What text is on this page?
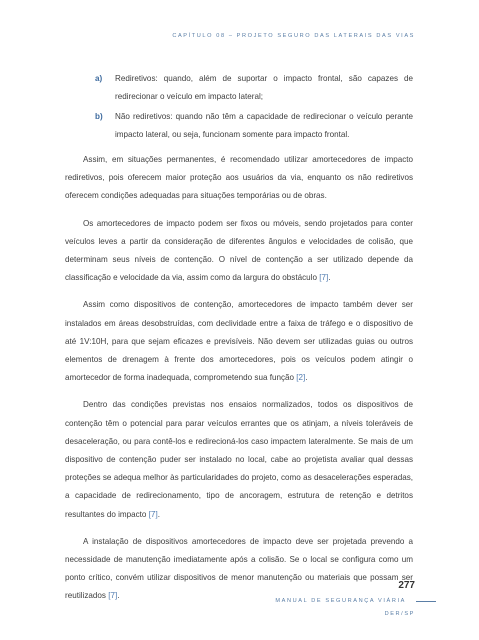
CAPÍTULO 08 – PROJETO SEGURO DAS LATERAIS DAS VIAS
a) Rediretivos: quando, além de suportar o impacto frontal, são capazes de redirecionar o veículo em impacto lateral;
b) Não rediretivos: quando não têm a capacidade de redirecionar o veículo perante impacto lateral, ou seja, funcionam somente para impacto frontal.

Assim, em situações permanentes, é recomendado utilizar amortecedores de impacto rediretivos, pois oferecem maior proteção aos usuários da via, enquanto os não rediretivos oferecem condições adequadas para situações temporárias ou de obras.

Os amortecedores de impacto podem ser fixos ou móveis, sendo projetados para conter veículos leves a partir da consideração de diferentes ângulos e velocidades de colisão, que determinam seus níveis de contenção. O nível de contenção a ser utilizado depende da classificação e velocidade da via, assim como da largura do obstáculo [7].

Assim como dispositivos de contenção, amortecedores de impacto também dever ser instalados em áreas desobstruídas, com declividade entre a faixa de tráfego e o dispositivo de até 1V:10H, para que sejam eficazes e previsíveis. Não devem ser utilizadas guias ou outros elementos de drenagem à frente dos amortecedores, pois os veículos podem atingir o amortecedor de forma inadequada, comprometendo sua função [2].

Dentro das condições previstas nos ensaios normalizados, todos os dispositivos de contenção têm o potencial para parar veículos errantes que os atinjam, a níveis toleráveis de desaceleração, ou para contê-los e redirecioná-los caso impactem lateralmente. Se mais de um dispositivo de contenção puder ser instalado no local, cabe ao projetista avaliar qual dessas proteções se adequa melhor às particularidades do projeto, como as desacelerações esperadas, a capacidade de redirecionamento, tipo de ancoragem, estrutura de retenção e detritos resultantes do impacto [7].

A instalação de dispositivos amortecedores de impacto deve ser projetada prevendo a necessidade de manutenção imediatamente após a colisão. Se o local se configura como um ponto crítico, convém utilizar dispositivos de menor manutenção ou materiais que possam ser reutilizados [7].

277
MANUAL DE SEGURANÇA VIÁRIA
DER/SP
